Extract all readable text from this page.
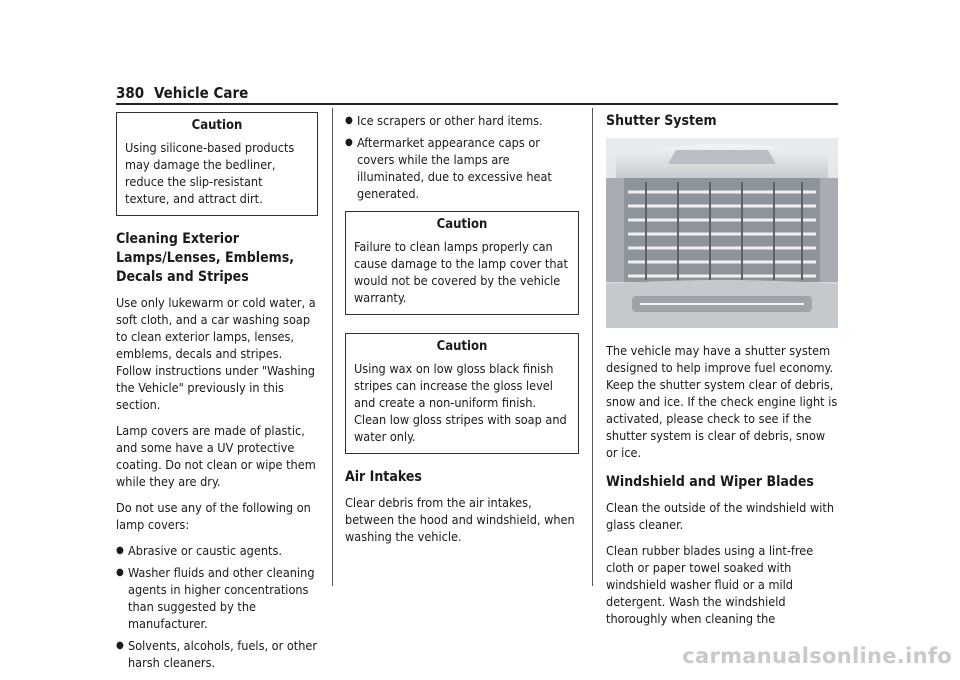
380 Vehicle Care

Caution

Using silicone-based products may damage the bedliner, reduce the slip-resistant texture, and attract dirt.

Cleaning Exterior Lamps/Lenses, Emblems, Decals and Stripes

Use only lukewarm or cold water, a soft cloth, and a car washing soap to clean exterior lamps, lenses, emblems, decals and stripes. Follow instructions under "Washing the Vehicle" previously in this section.

Lamp covers are made of plastic, and some have a UV protective coating. Do not clean or wipe them while they are dry.

Do not use any of the following on lamp covers:

● Abrasive or caustic agents.
● Washer fluids and other cleaning agents in higher concentrations than suggested by the manufacturer.
● Solvents, alcohols, fuels, or other harsh cleaners.
● Ice scrapers or other hard items.
● Aftermarket appearance caps or covers while the lamps are illuminated, due to excessive heat generated.

Caution

Failure to clean lamps properly can cause damage to the lamp cover that would not be covered by the vehicle warranty.

Caution

Using wax on low gloss black finish stripes can increase the gloss level and create a non-uniform finish. Clean low gloss stripes with soap and water only.

Air Intakes

Clear debris from the air intakes, between the hood and windshield, when washing the vehicle.

Shutter System

The vehicle may have a shutter system designed to help improve fuel economy. Keep the shutter system clear of debris, snow and ice. If the check engine light is activated, please check to see if the shutter system is clear of debris, snow or ice.

Windshield and Wiper Blades

Clean the outside of the windshield with glass cleaner.

Clean rubber blades using a lint-free cloth or paper towel soaked with windshield washer fluid or a mild detergent. Wash the windshield thoroughly when cleaning the

carmanualsonline.info
